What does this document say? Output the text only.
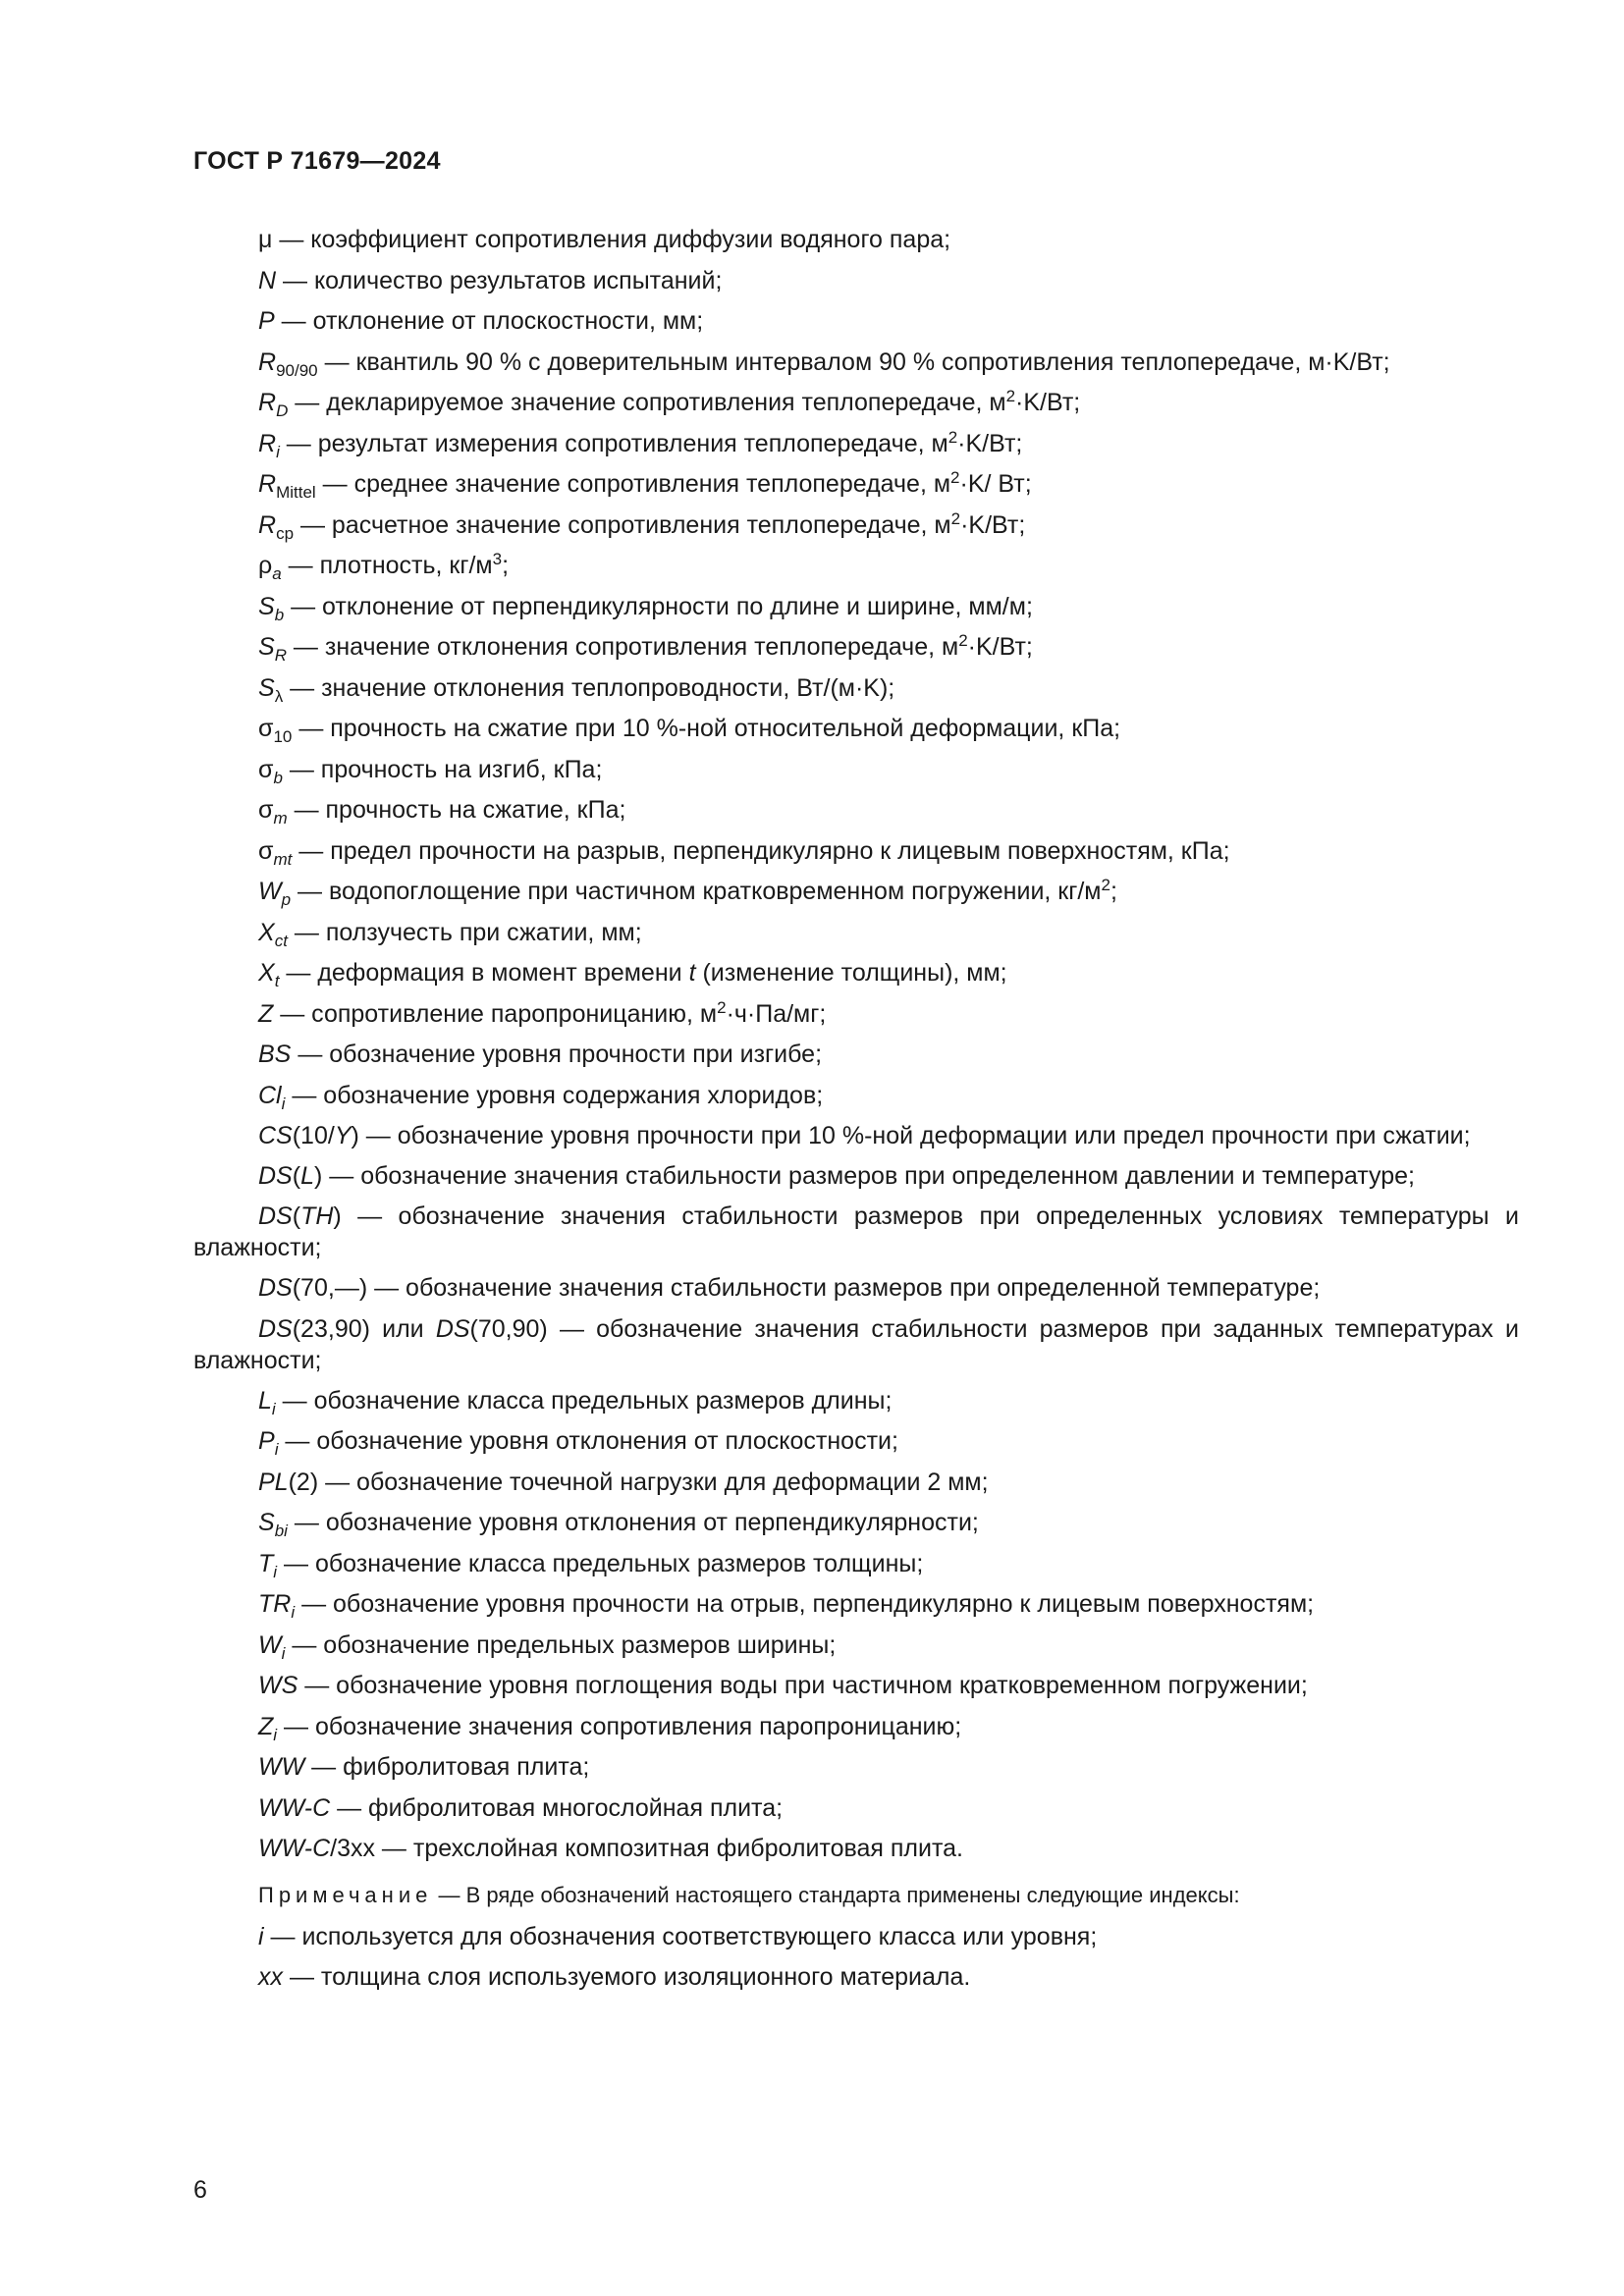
ГОСТ Р 71679—2024
μ — коэффициент сопротивления диффузии водяного пара;
N — количество результатов испытаний;
P — отклонение от плоскостности, мм;
$R_{90/90}$ — квантиль 90 % с доверительным интервалом 90 % сопротивления теплопередаче, м·K/Вт;
$R_D$ — декларируемое значение сопротивления теплопередаче, $м^2\cdot K/Вт$;
$R_i$ — результат измерения сопротивления теплопередаче, $м^2\cdot K/Вт$;
$R_{Mittel}$ — среднее значение сопротивления теплопередаче, $м^2\cdot K/$ Вт;
$R_{ср}$ — расчетное значение сопротивления теплопередаче, $м^2\cdot K/Вт$;
$\rho_a$ — плотность, $кг/м^3$;
$S_b$ — отклонение от перпендикулярности по длине и ширине, мм/м;
$S_R$ — значение отклонения сопротивления теплопередаче, $м^2\cdot K/Вт$;
$S_\lambda$ — значение отклонения теплопроводности, Вт/(м·K);
$\sigma_{10}$ — прочность на сжатие при 10 %-ной относительной деформации, кПа;
$\sigma_b$ — прочность на изгиб, кПа;
$\sigma_m$ — прочность на сжатие, кПа;
$\sigma_{mt}$ — предел прочности на разрыв, перпендикулярно к лицевым поверхностям, кПа;
$W_p$ — водопоглощение при частичном кратковременном погружении, $кг/м^2$;
$X_{ct}$ — ползучесть при сжатии, мм;
$X_t$ — деформация в момент времени t (изменение толщины), мм;
Z — сопротивление паропроницанию, $м^2\cdot ч\cdot Па/мг$;
BS — обозначение уровня прочности при изгибе;
$Cl_i$ — обозначение уровня содержания хлоридов;
CS(10/Y) — обозначение уровня прочности при 10 %-ной деформации или предел прочности при сжатии;
DS(L) — обозначение значения стабильности размеров при определенном давлении и температуре;
DS(TH) — обозначение значения стабильности размеров при определенных условиях температуры и влажности;
DS(70,—) — обозначение значения стабильности размеров при определенной температуре;
DS(23,90) или DS(70,90) — обозначение значения стабильности размеров при заданных температурах и влажности;
$L_i$ — обозначение класса предельных размеров длины;
$P_i$ — обозначение уровня отклонения от плоскостности;
PL(2) — обозначение точечной нагрузки для деформации 2 мм;
$S_{bi}$ — обозначение уровня отклонения от перпендикулярности;
$T_i$ — обозначение класса предельных размеров толщины;
$TR_i$ — обозначение уровня прочности на отрыв, перпендикулярно к лицевым поверхностям;
$W_i$ — обозначение предельных размеров ширины;
WS — обозначение уровня поглощения воды при частичном кратковременном погружении;
$Z_i$ — обозначение значения сопротивления паропроницанию;
WW — фибролитовая плита;
WW-C — фибролитовая многослойная плита;
WW-C/3хх — трехслойная композитная фибролитовая плита.
Примечание — В ряде обозначений настоящего стандарта применены следующие индексы:
i — используется для обозначения соответствующего класса или уровня;
xx — толщина слоя используемого изоляционного материала.
6
